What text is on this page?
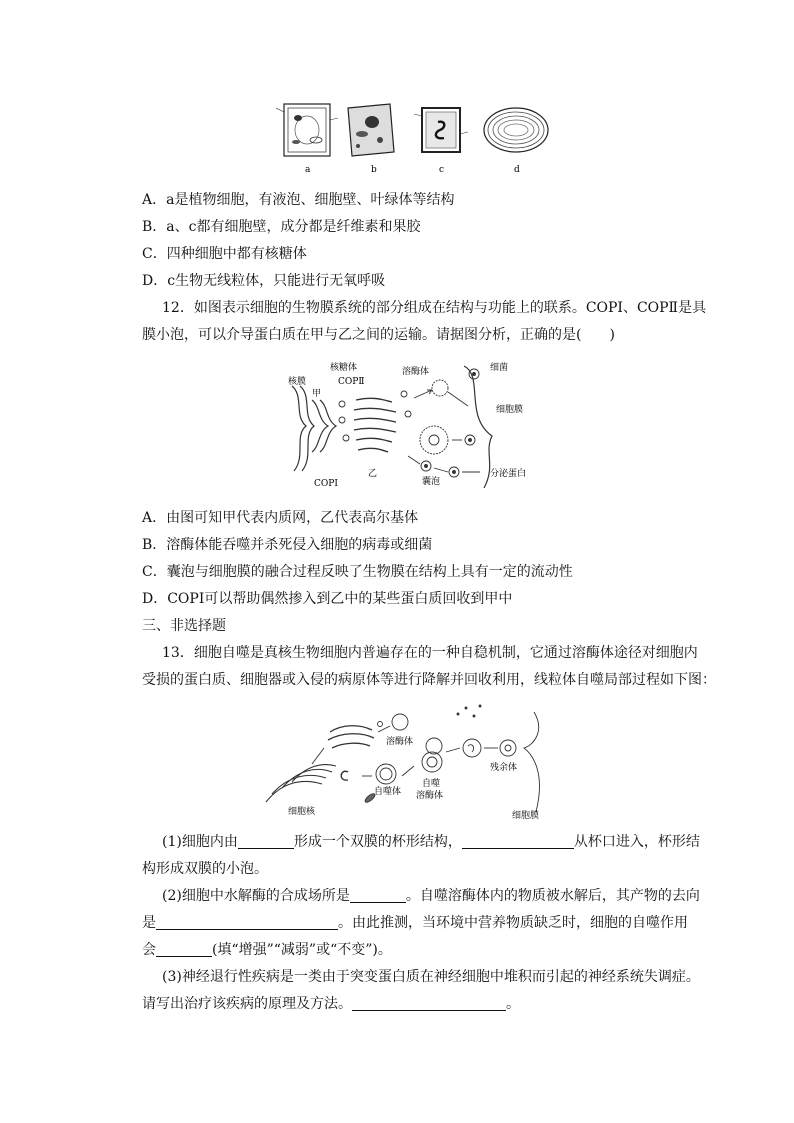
a	b	c	d
A．a是植物细胞，有液泡、细胞壁、叶绿体等结构
B．a、c都有细胞壁，成分都是纤维素和果胶
C．四种细胞中都有核糖体
D．c生物无线粒体，只能进行无氧呼吸
12．如图表示细胞的生物膜系统的部分组成在结构与功能上的联系。COPⅠ、COPⅡ是具
膜小泡，可以介导蛋白质在甲与乙之间的运输。请据图分析，正确的是(　　)
核膜
核糖体
COPⅡ
甲
溶酶体	细菌
细胞膜
COPⅠ
乙
囊泡
分泌蛋白
A．由图可知甲代表内质网，乙代表高尔基体
B．溶酶体能吞噬并杀死侵入细胞的病毒或细菌
C．囊泡与细胞膜的融合过程反映了生物膜在结构上具有一定的流动性
D．COPⅠ可以帮助偶然掺入到乙中的某些蛋白质回收到甲中
三、非选择题
13．细胞自噬是真核生物细胞内普遍存在的一种自稳机制，它通过溶酶体途径对细胞内
受损的蛋白质、细胞器或入侵的病原体等进行降解并回收利用，线粒体自噬局部过程如下图：
溶酶体
自噬
溶酶体
残余体
细胞核
自噬体
细胞膜
(1)细胞内由	形成一个双膜的杯形结构，	从杯口进入，杯形结
构形成双膜的小泡。
(2)细胞中水解酶的合成场所是	。自噬溶酶体内的物质被水解后，其产物的去向
是	。由此推测，当环境中营养物质缺乏时，细胞的自噬作用
会	(填“增强”“减弱”或“不变”)。
(3)神经退行性疾病是一类由于突变蛋白质在神经细胞中堆积而引起的神经系统失调症。
请写出治疗该疾病的原理及方法。	。
